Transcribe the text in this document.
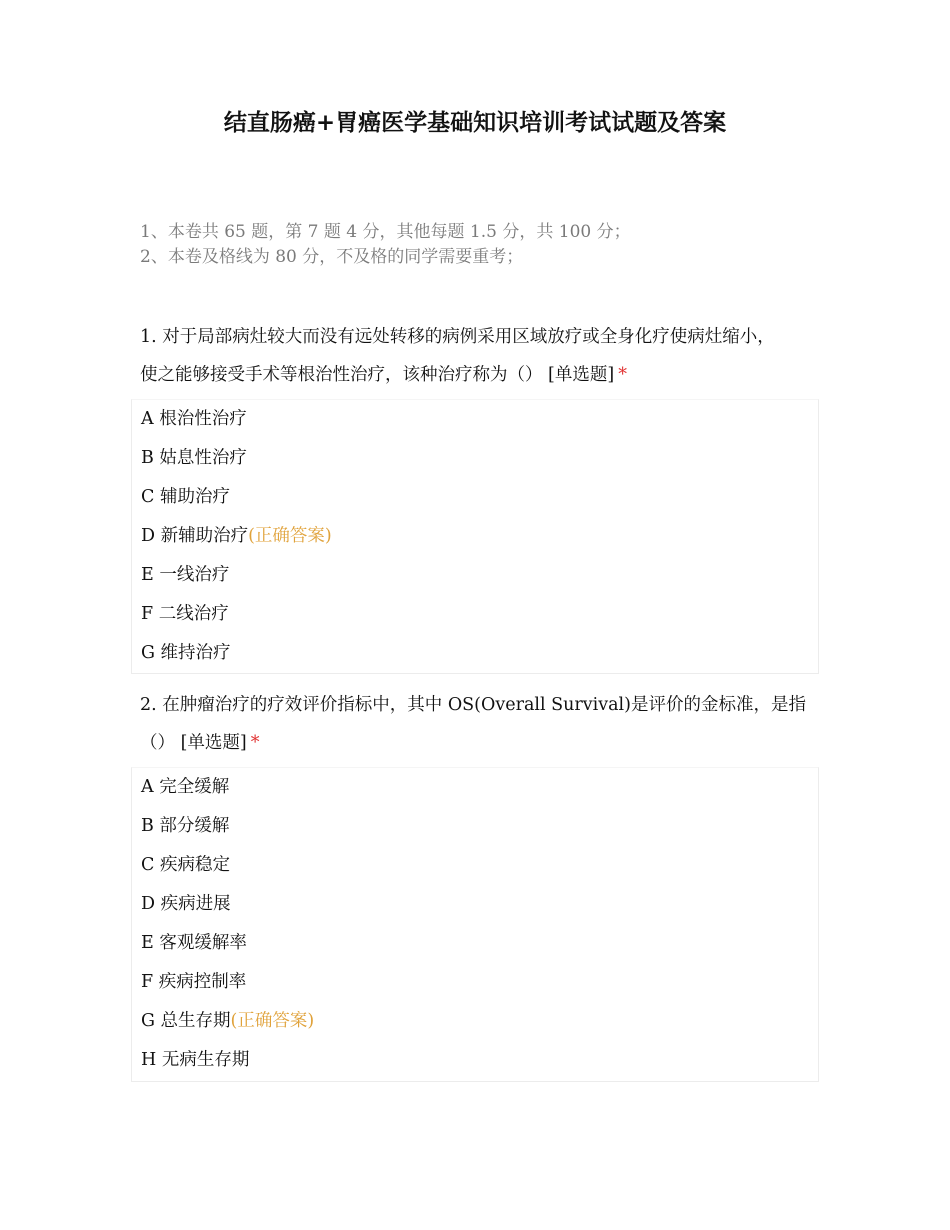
结直肠癌+胃癌医学基础知识培训考试试题及答案
1、本卷共 65 题，第 7 题 4 分，其他每题 1.5 分，共 100 分；
2、本卷及格线为 80 分，不及格的同学需要重考；
1. 对于局部病灶较大而没有远处转移的病例采用区域放疗或全身化疗使病灶缩小，
使之能够接受手术等根治性治疗，该种治疗称为（） [单选题] *
A 根治性治疗
B 姑息性治疗
C 辅助治疗
D 新辅助治疗(正确答案)
E 一线治疗
F 二线治疗
G 维持治疗
2. 在肿瘤治疗的疗效评价指标中，其中 OS(Overall Survival)是评价的金标准，是指
（） [单选题] *
A 完全缓解
B 部分缓解
C 疾病稳定
D 疾病进展
E 客观缓解率
F 疾病控制率
G 总生存期(正确答案)
H 无病生存期
